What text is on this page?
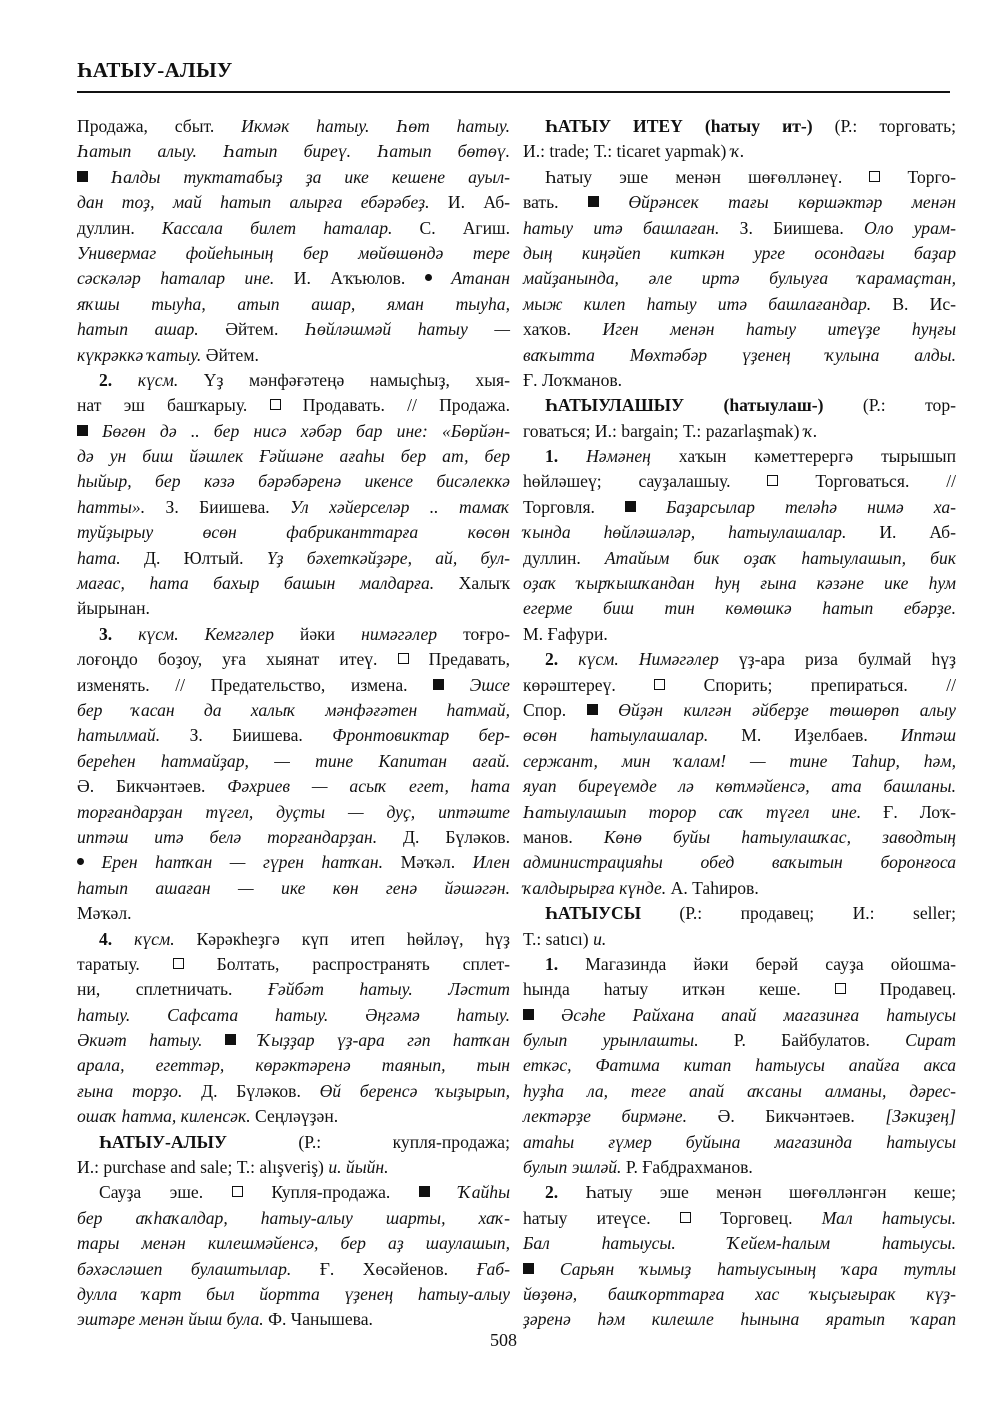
ҺАТЫУ-АЛЫУ
Продажа, сбыт. Икмәк һатыу. Һөт һатыу.
Һатып алыу. Һатып биреү. Һатып бөтөү.
Һалды туктатабыҙ ҙа ике кешене ауыл-
дан тоҙ, май һатып алырға ебәрәбеҙ. И. Аб-
дуллин. Кассала билет һаталар. С. Агиш.
Универмаг фойеһының бер мөйөшөндә тере
сәскәләр һаталар ине. И. Аҡъюлов.  Атанан
яҡшы тыуһа, атып ашар, яман тыуһа,
һатып ашар. Әйтем. Һөйләшмәй һатыу —
күкрәккә ҡатыу. Әйтем.
2. күсм. Үҙ мәнфәғәтеңә намыҫһыҙ, хыя-
нат эш башҡарыу.  Продавать. // Продажа.
Бөгөн дә .. бер нисә хәбәр бар ине: «Бөрйән-
дә ун биш йәшлек Ғәйшәне ағаһы бер ат, бер
һыйыр, бер кәзә бәрәбәренә икенсе бисәлеккә
һатты». З. Биишева. Ул хәйерселәр .. тамаҡ
туйҙырыу өсөн фабриканттарға көсөн
һата. Д. Юлтый. Үҙ бәхеткәйҙәре, ай, бул-
мағас, һата бахыр башын малдарға. Халыҡ
йырынан.
3. күсм. Кемгәлер йәки нимәгәлер тоғро-
лоғоңдо боҙоу, уға хыянат итеү.  Предавать,
изменять. // Предательство, измена.  Эшсе
бер ҡасан да халыҡ мәнфәғәтен һатмай,
һатылмай. З. Биишева. Фронтовиктар бер-
береһен һатмайҙар, — тине Капитан ағай.
Ә. Бикчәнтәев. Фәхриев — асыҡ егет, һата
торғандарҙан түгел, дуҫты — дуҫ, иптәште
иптәш итә белә торғандарҙан. Д. Бүләков.
Ерен һатҡан — гүрен һатҡан. Мәҡәл. Илен
һатып ашаған — ике көн генә йәшәгән.
Мәҡәл.
4. күсм. Кәрәкһеҙгә күп итеп һөйләү, һүҙ
таратыу.  Болтать, распространять сплет-
ни, сплетничать. Ғәйбәт һатыу. Ләстит
һатыу. Сафсата һатыу. Әңгәмә һатыу.
Әкиәт һатыу.  Ҡыҙҙар үҙ-ара гәп һатҡан
арала, егеттәр, көрәктәренә таянып, тын
ғына торҙо. Д. Бүләков. Өй беренсә ҡыҙырып,
ошаҡ һатма, киленсәк. Сеңләүҙән.
ҺАТЫУ-АЛЫУ (Р.: купля-продажа;
И.: purchase and sale; Т.: alışveriş) и. йыйн.
Сауҙа эше.  Купля-продажа.  Ҡайһы
бер аҡһаҡалдар, һатыу-алыу шарты, хаҡ-
тары менән килешмәйенсә, бер аҙ шаулашып,
бәхәсләшеп булаштылар. Ғ. Хөсәйенов. Ғаб-
дулла ҡарт был йортта үҙенең һатыу-алыу
эштәре менән йыш була. Ф. Чанышева.
ҺАТЫУ ИТЕҮ (һатыу ит-) (Р.: торговать;
И.: trade; Т.: ticaret yapmak) ҡ.
Һатыу эше менән шөғөлләнеү.  Торго-
вать.  Өйрәнсек тағы көршәктәр менән
һатыу итә башлаған. З. Биишева. Оло урам-
дың киңәйеп киткән урге осондағы баҙар
майҙанында, әле иртә булыуға ҡарамаҫтан,
мыж килеп һатыу итә башлағандар. В. Ис-
хаҡов. Иген менән һатыу итеүҙе һуңғы
ваҡытта Мөхтәбәр үҙенең ҡулына алды.
Ғ. Лоҡманов.
ҺАТЫУЛАШЫУ (һатыулаш-) (Р.: тор-
говаться; И.: bargain; Т.: pazarlaşmak) ҡ.
1. Нәмәнең хаҡын кәметтерергә тырышып
һөйләшеү; сауҙалашыу.  Торговаться. //
Торговля.  Баҙарсылар теләһә нимә ха-
ҡында һөйләшәләр, һатыулашалар. И. Аб-
дуллин. Атайым бик оҙаҡ һатыулашып, бик
оҙаҡ ҡырҡышҡандан һуң ғына кәзәне ике һум
егерме биш тин көмөшкә һатып ебәрҙе.
М. Ғафури.
2. күсм. Нимәгәлер үҙ-ара риза булмай һүҙ
көрәштереү.  Спорить; препираться. //
Спор.  Өйҙән килгән әйберҙе төшөрөп алыу
өсөн һатыулашалар. М. Иҙелбаев. Иптәш
сержант, мин ҡалам! — тине Таһир, һәм,
яуап биреүемде лә көтмәйенсә, ата башланы.
Һатыулашып торор саҡ түгел ине. Ғ. Лоҡ-
манов. Көнө буйы һатыулашҡас, заводтың
администрацияһы обед ваҡытын боронғоса
ҡалдырырға күнде. А. Таһиров.
ҺАТЫУСЫ (Р.: продавец; И.: seller;
Т.: satıcı) и.
1. Магазинда йәки берәй сауҙа ойошма-
һында һатыу иткән кеше.  Продавец.
Әсәһе Райхана апай магазинға һатыусы
булып урынлашты. Р. Байбулатов. Сират
еткәс, Фатима китап һатыусы апайға акса
һуҙһа ла, теге апай аҡсаны алманы, дәрес-
лектәрҙе бирмәне. Ә. Бикчәнтәев. [Зәкиҙең]
атаһы ғүмер буйына магазинда һатыусы
булып эшләй. Р. Ғабдрахманов.
2. Һатыу эше менән шөғөлләнгән кеше;
һатыу итеүсе.  Торговец. Мал һатыусы.
Бал һатыусы. Ҡейем-һалым һатыусы.
Сарьян ҡымыҙ һатыусының ҡара тутлы
йөҙөнә, башҡорттарға хас ҡыҫығырак күҙ-
ҙәренә һәм килешле һынына яратып ҡарап
508
